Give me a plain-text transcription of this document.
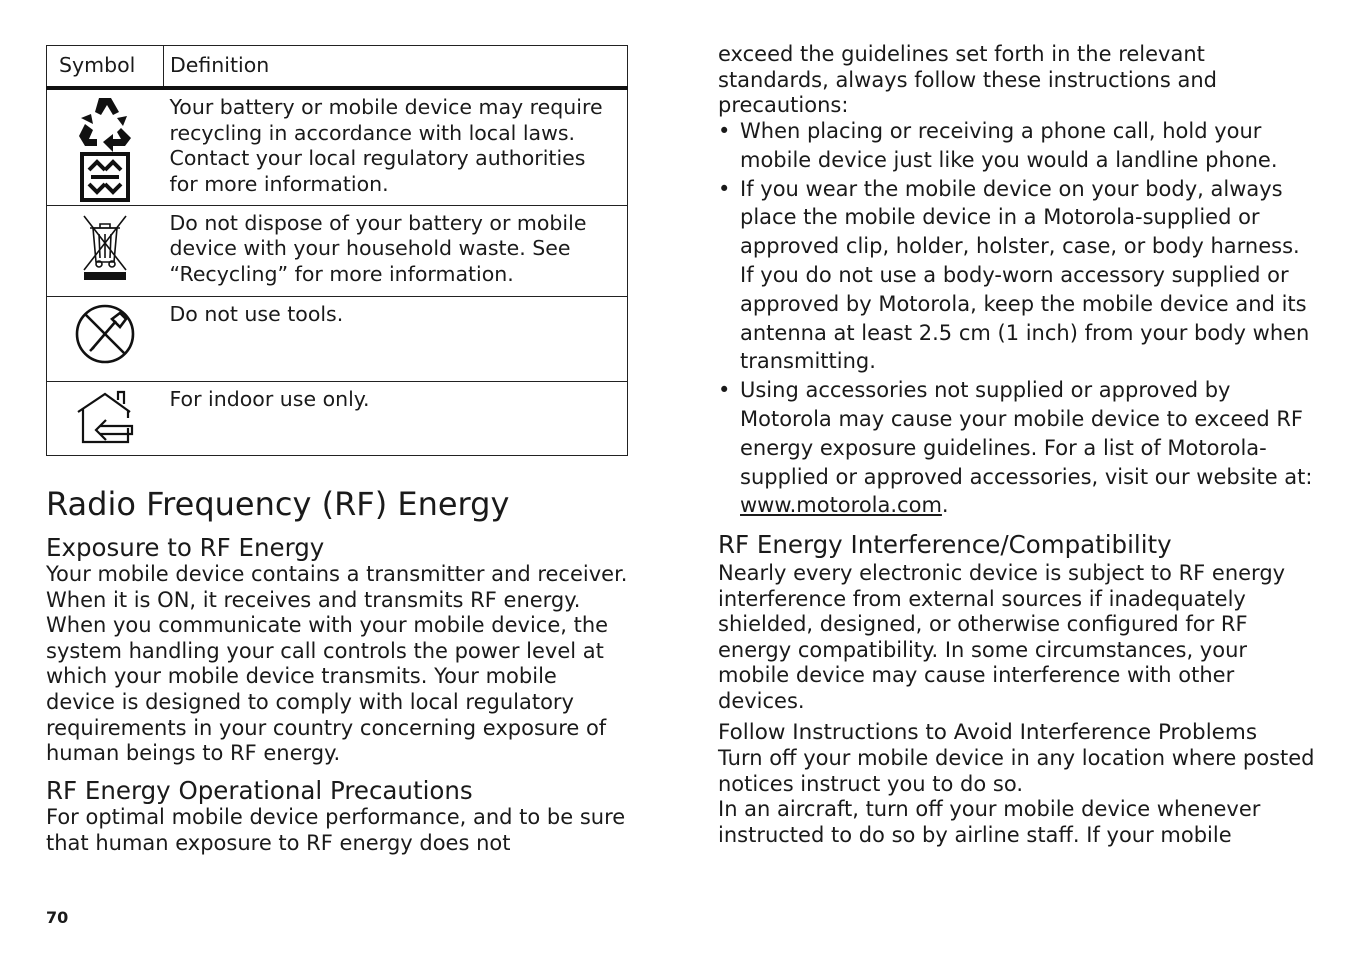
Symbol	Definition

	Your battery or mobile device may require recycling in accordance with local laws. Contact your local regulatory authorities for more information.

	Do not dispose of your battery or mobile device with your household waste. See “Recycling” for more information.

	Do not use tools.

	For indoor use only.
Radio Frequency (RF) Energy
Exposure to RF Energy

Your mobile device contains a transmitter and receiver. When it is ON, it receives and transmits RF energy. When you communicate with your mobile device, the system handling your call controls the power level at which your mobile device transmits. Your mobile device is designed to comply with local regulatory requirements in your country concerning exposure of human beings to RF energy.

RF Energy Operational Precautions

For optimal mobile device performance, and to be sure that human exposure to RF energy does not

exceed the guidelines set forth in the relevant standards, always follow these instructions and precautions:

• When placing or receiving a phone call, hold your mobile device just like you would a landline phone.
• If you wear the mobile device on your body, always place the mobile device in a Motorola-supplied or approved clip, holder, holster, case, or body harness. If you do not use a body-worn accessory supplied or approved by Motorola, keep the mobile device and its antenna at least 2.5 cm (1 inch) from your body when transmitting.
• Using accessories not supplied or approved by Motorola may cause your mobile device to exceed RF energy exposure guidelines. For a list of Motorola-supplied or approved accessories, visit our website at: www.motorola.com.
RF Energy Interference/Compatibility

Nearly every electronic device is subject to RF energy interference from external sources if inadequately shielded, designed, or otherwise configured for RF energy compatibility. In some circumstances, your mobile device may cause interference with other devices.

Follow Instructions to Avoid Interference Problems

Turn off your mobile device in any location where posted notices instruct you to do so.

In an aircraft, turn off your mobile device whenever instructed to do so by airline staff. If your mobile

70
